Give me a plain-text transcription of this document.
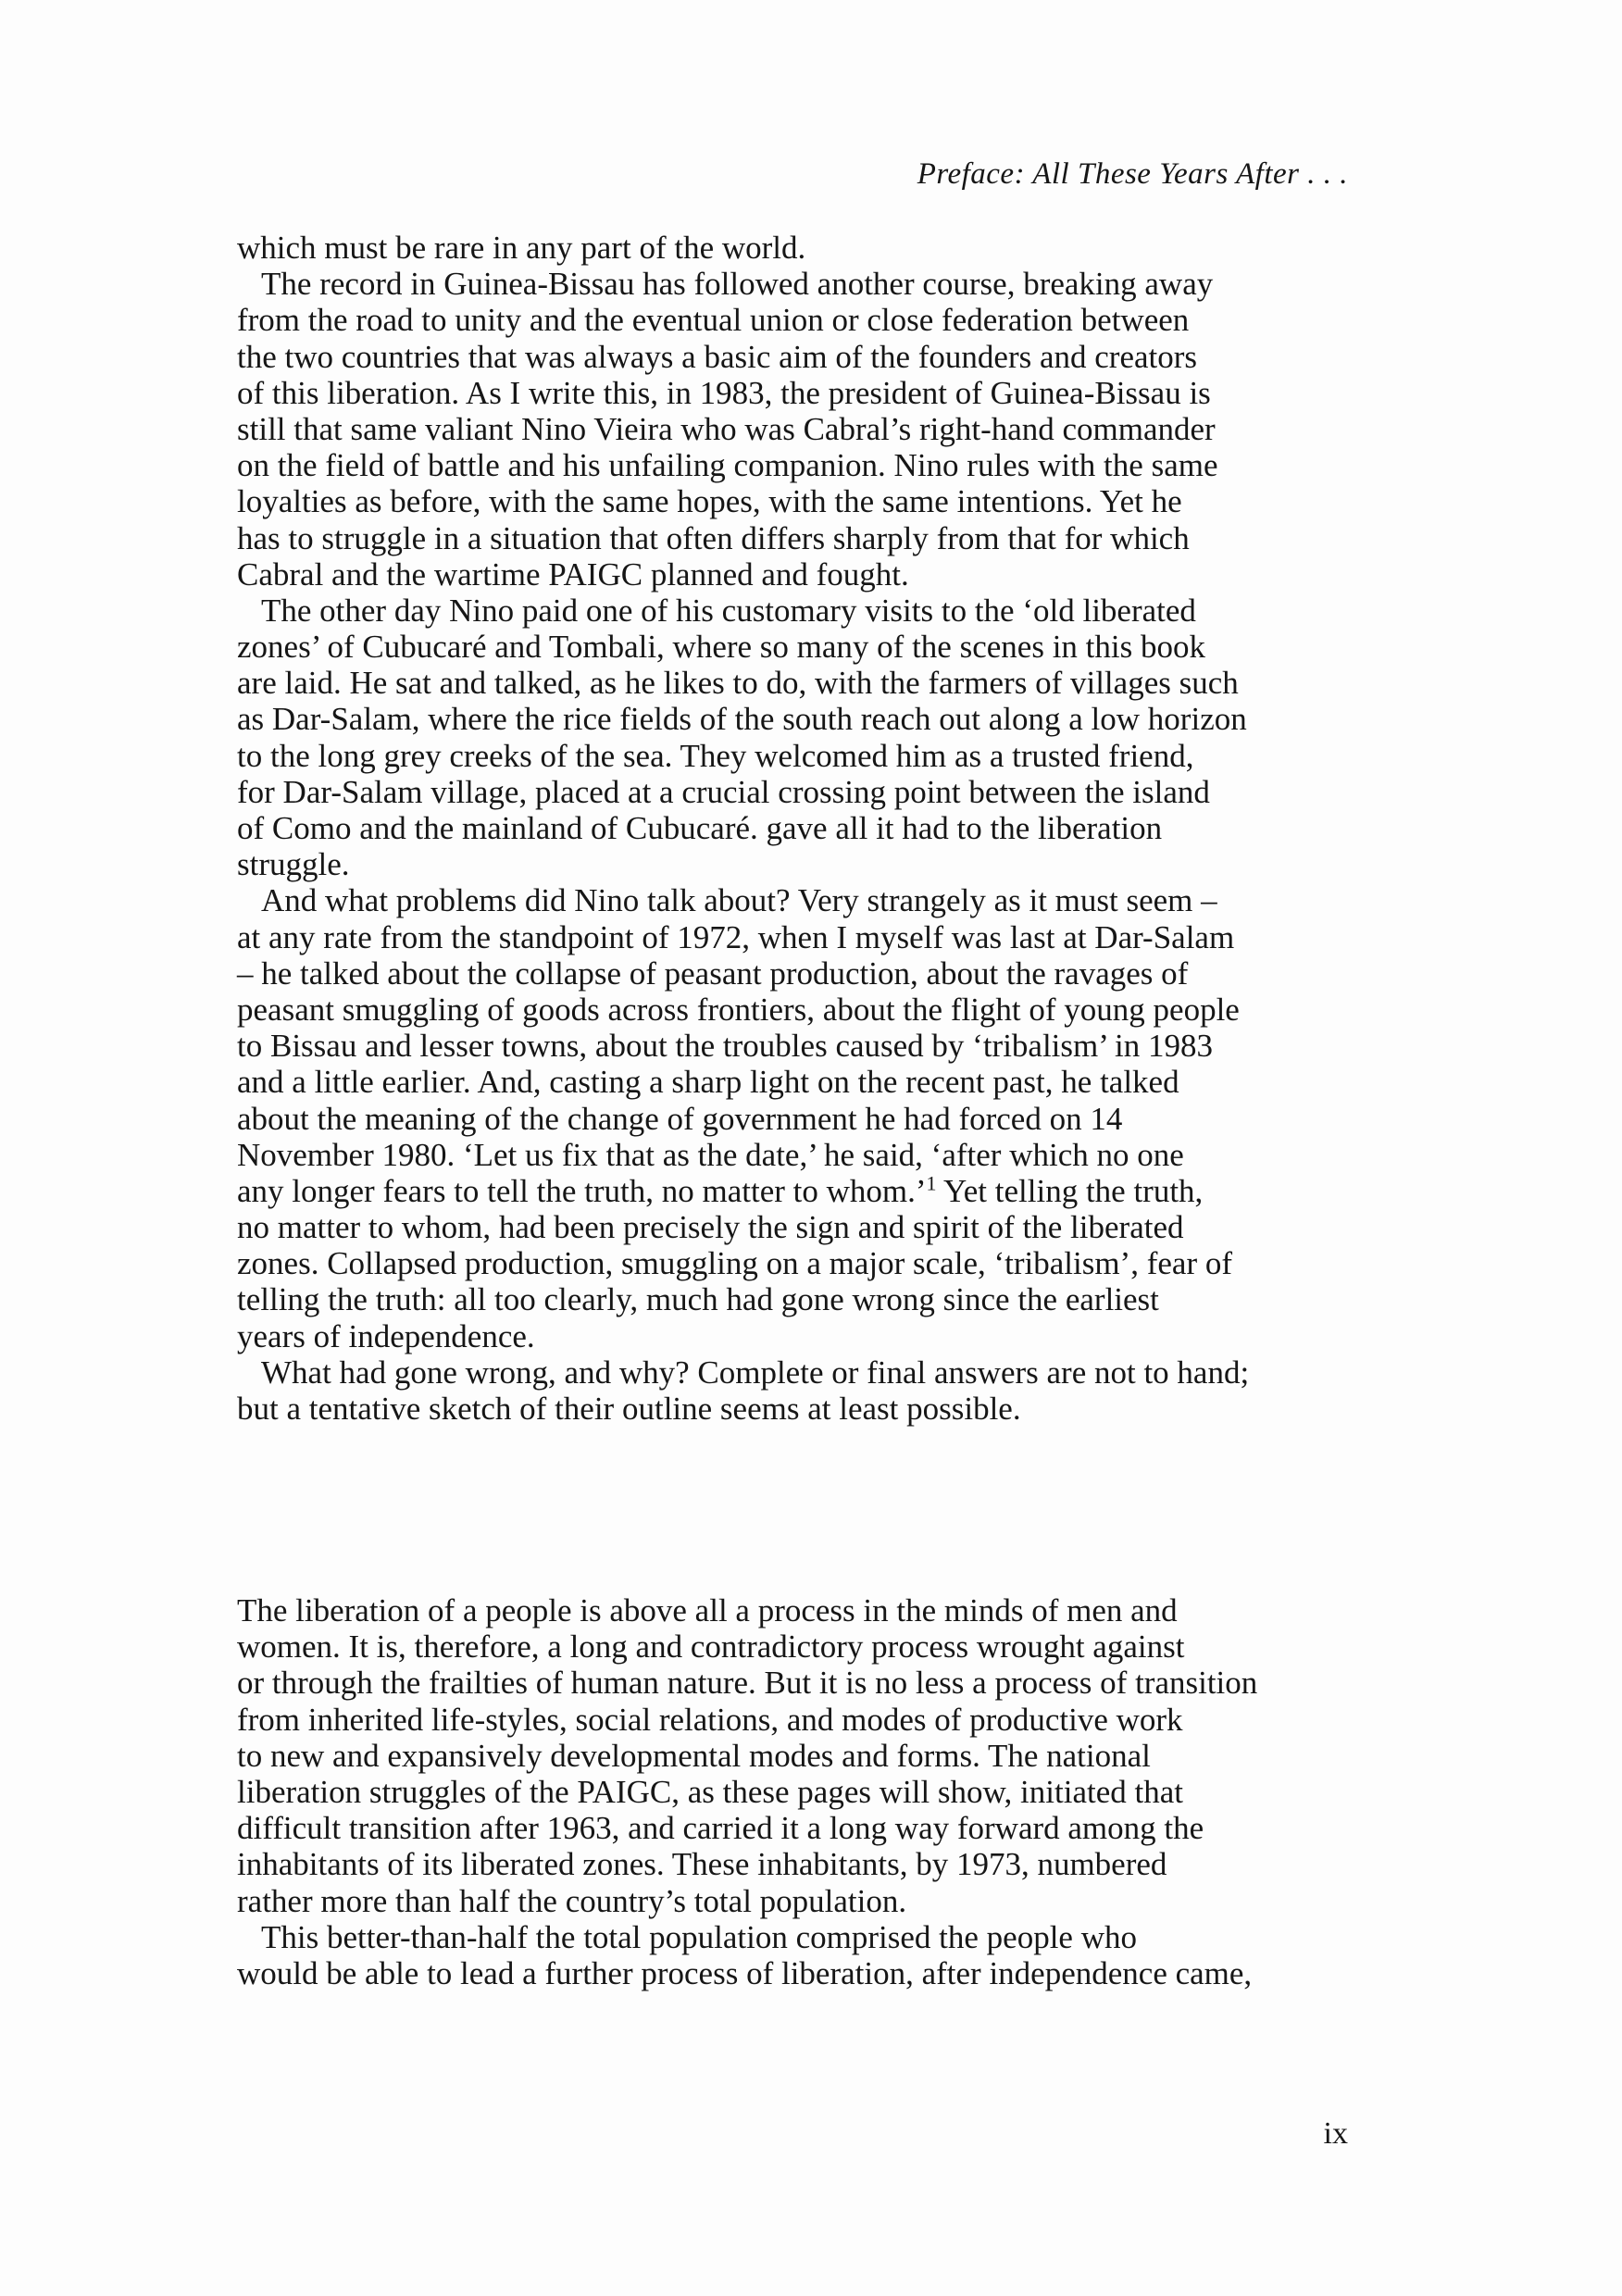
Preface: All These Years After . . .
which must be rare in any part of the world.
The record in Guinea-Bissau has followed another course, breaking away
from the road to unity and the eventual union or close federation between
the two countries that was always a basic aim of the founders and creators
of this liberation. As I write this, in 1983, the president of Guinea-Bissau is
still that same valiant Nino Vieira who was Cabral’s right-hand commander
on the field of battle and his unfailing companion. Nino rules with the same
loyalties as before, with the same hopes, with the same intentions. Yet he
has to struggle in a situation that often differs sharply from that for which
Cabral and the wartime PAIGC planned and fought.
The other day Nino paid one of his customary visits to the ‘old liberated
zones’ of Cubucaré and Tombali, where so many of the scenes in this book
are laid. He sat and talked, as he likes to do, with the farmers of villages such
as Dar-Salam, where the rice fields of the south reach out along a low horizon
to the long grey creeks of the sea. They welcomed him as a trusted friend,
for Dar-Salam village, placed at a crucial crossing point between the island
of Como and the mainland of Cubucaré. gave all it had to the liberation
struggle.
And what problems did Nino talk about? Very strangely as it must seem –
at any rate from the standpoint of 1972, when I myself was last at Dar-Salam
– he talked about the collapse of peasant production, about the ravages of
peasant smuggling of goods across frontiers, about the flight of young people
to Bissau and lesser towns, about the troubles caused by ‘tribalism’ in 1983
and a little earlier. And, casting a sharp light on the recent past, he talked
about the meaning of the change of government he had forced on 14
November 1980. ‘Let us fix that as the date,’ he said, ‘after which no one
any longer fears to tell the truth, no matter to whom.’$^1$ Yet telling the truth,
no matter to whom, had been precisely the sign and spirit of the liberated
zones. Collapsed production, smuggling on a major scale, ‘tribalism’, fear of
telling the truth: all too clearly, much had gone wrong since the earliest
years of independence.
What had gone wrong, and why? Complete or final answers are not to hand;
but a tentative sketch of their outline seems at least possible.
The liberation of a people is above all a process in the minds of men and
women. It is, therefore, a long and contradictory process wrought against
or through the frailties of human nature. But it is no less a process of transition
from inherited life-styles, social relations, and modes of productive work
to new and expansively developmental modes and forms. The national
liberation struggles of the PAIGC, as these pages will show, initiated that
difficult transition after 1963, and carried it a long way forward among the
inhabitants of its liberated zones. These inhabitants, by 1973, numbered
rather more than half the country’s total population.
This better-than-half the total population comprised the people who
would be able to lead a further process of liberation, after independence came,
ix
